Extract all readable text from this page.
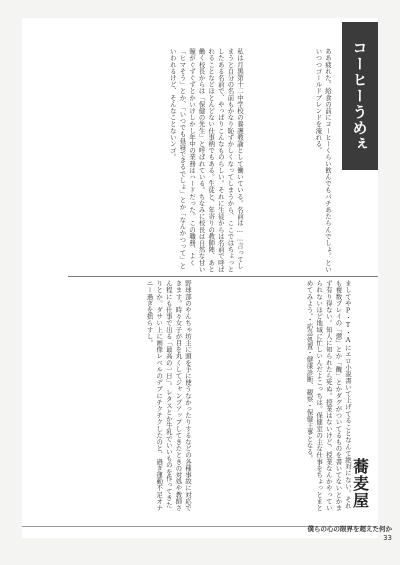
コーヒーうめぇ

ああ疲れた。給食の前にコーヒーくらい飲んでもバチあたらんでしょ。といいつつゴールドブレンドを淹れる。

私は月黒第十二中学校の養護教諭として働いている。名前は……言ってしまうと自分の名前もかなり恥ずかしくなってしまうから、ここではちょっとしたある名前で、やっぱりこんなものらしい。それに生徒からは名前で呼ばれることなどほとんどない仕事柄でもある。生徒と、年寄りの教師陣、あと働く校長からは「保健の先生」と呼ばれている。ちなみに校長は自然な甘い瞳がぐずぐずとかいけしかし年中の業務はハードだった。この職務、よく「ヒマそう」とか、「いつでも昼寝できるでしょ」とか「なんかつって」といわれるけど、そんなことないンゴ。

ましてやP・T・Aにエロ小説書いて上げてることなんて絶対にない。それも複数プレイの「懲」とか「醜」とかダグがついてるものを書いてないとかまず有り得ない。知人に知られたら死ぬ。授業はないけど、授業なんかやっていられないほど地域に忙しいんだよこっちは。保健室の主な仕事をちょっとまとめてみよう。・応急処置・健康診断、観察・保健主事となる。

野球部のやんちゃ坊主に頭を手に使うなかったりするなどの各種事故に対応できます。時々女子が目を丸くしてジャンプアップしてきたときの対処や教師さん程にも仕事で出る「最高の一日」。レタスとか牛乳でいいものを作ってきたりとか。ダサい上に画像レベルのデブにチクチクしたのと、過ぎ運動不足オナニー過ぎを揺らすし。

蕎麦屋
僕らの心の限界を超えた何か
33
